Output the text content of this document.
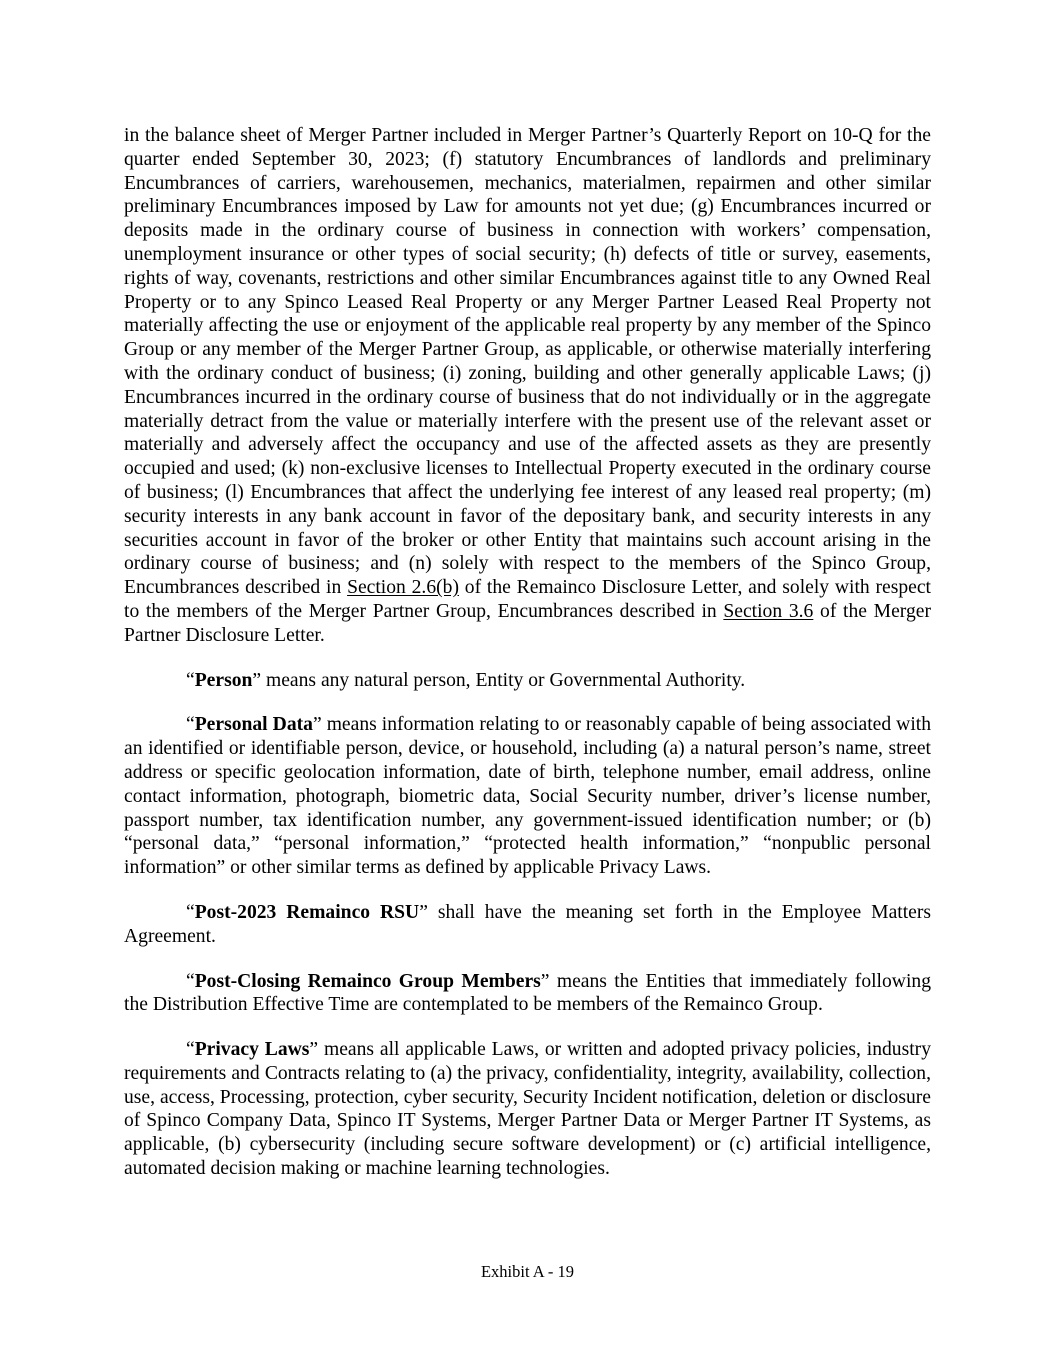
in the balance sheet of Merger Partner included in Merger Partner’s Quarterly Report on 10-Q for the quarter ended September 30, 2023; (f) statutory Encumbrances of landlords and preliminary Encumbrances of carriers, warehousemen, mechanics, materialmen, repairmen and other similar preliminary Encumbrances imposed by Law for amounts not yet due; (g) Encumbrances incurred or deposits made in the ordinary course of business in connection with workers’ compensation, unemployment insurance or other types of social security; (h) defects of title or survey, easements, rights of way, covenants, restrictions and other similar Encumbrances against title to any Owned Real Property or to any Spinco Leased Real Property or any Merger Partner Leased Real Property not materially affecting the use or enjoyment of the applicable real property by any member of the Spinco Group or any member of the Merger Partner Group, as applicable, or otherwise materially interfering with the ordinary conduct of business; (i) zoning, building and other generally applicable Laws; (j) Encumbrances incurred in the ordinary course of business that do not individually or in the aggregate materially detract from the value or materially interfere with the present use of the relevant asset or materially and adversely affect the occupancy and use of the affected assets as they are presently occupied and used; (k) non-exclusive licenses to Intellectual Property executed in the ordinary course of business; (l) Encumbrances that affect the underlying fee interest of any leased real property; (m) security interests in any bank account in favor of the depositary bank, and security interests in any securities account in favor of the broker or other Entity that maintains such account arising in the ordinary course of business; and (n) solely with respect to the members of the Spinco Group, Encumbrances described in Section 2.6(b) of the Remainco Disclosure Letter, and solely with respect to the members of the Merger Partner Group, Encumbrances described in Section 3.6 of the Merger Partner Disclosure Letter.

“Person” means any natural person, Entity or Governmental Authority.

“Personal Data” means information relating to or reasonably capable of being associated with an identified or identifiable person, device, or household, including (a) a natural person’s name, street address or specific geolocation information, date of birth, telephone number, email address, online contact information, photograph, biometric data, Social Security number, driver’s license number, passport number, tax identification number, any government-issued identification number; or (b) “personal data,” “personal information,” “protected health information,” “nonpublic personal information” or other similar terms as defined by applicable Privacy Laws.

“Post-2023 Remainco RSU” shall have the meaning set forth in the Employee Matters Agreement.

“Post-Closing Remainco Group Members” means the Entities that immediately following the Distribution Effective Time are contemplated to be members of the Remainco Group.

“Privacy Laws” means all applicable Laws, or written and adopted privacy policies, industry requirements and Contracts relating to (a) the privacy, confidentiality, integrity, availability, collection, use, access, Processing, protection, cyber security, Security Incident notification, deletion or disclosure of Spinco Company Data, Spinco IT Systems, Merger Partner Data or Merger Partner IT Systems, as applicable, (b) cybersecurity (including secure software development) or (c) artificial intelligence, automated decision making or machine learning technologies.

Exhibit A - 19
